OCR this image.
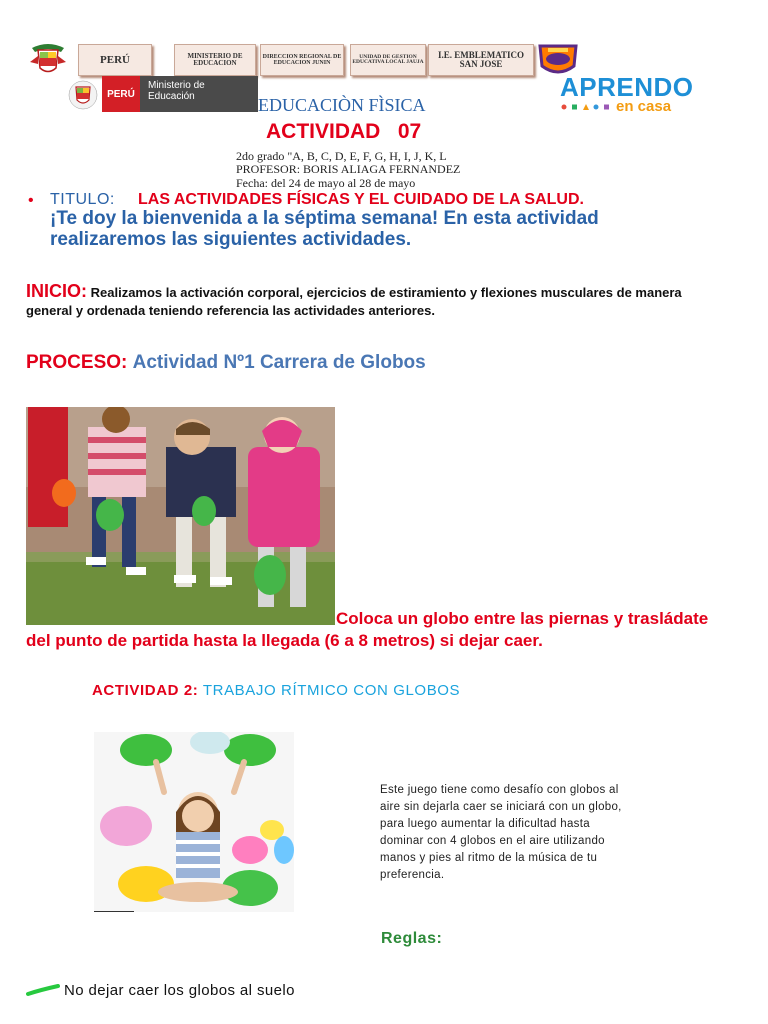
PERÚ	MINISTERIO DE EDUCACION
DIRECCION REGIONAL DE EDUCACION JUNIN
UNIDAD DE GESTION EDUCATIVA LOCAL JAUJA
I.E. EMBLEMATICO SAN JOSE
PERÚ
Ministerio de Educación	APRENDO
en casa
EDUCACIÒN FÌSICA
ACTIVIDAD   07
2do grado "A, B, C, D, E, F, G, H, I, J, K, L
PROFESOR: BORIS ALIAGA FERNANDEZ
Fecha: del 24 de mayo al 28 de mayo
• TITULO: LAS ACTIVIDADES FÍSICAS Y EL CUIDADO DE LA SALUD.
¡Te doy la bienvenida a la séptima semana! En esta actividad realizaremos las siguientes actividades.
INICIO: Realizamos la activación corporal, ejercicios de estiramiento y flexiones musculares de manera general y ordenada teniendo referencia las actividades anteriores.
PROCESO: Actividad Nº1 Carrera de Globos
Coloca un globo entre las piernas y trasládate del punto de partida hasta la llegada (6 a 8 metros) si dejar caer.
ACTIVIDAD 2: TRABAJO RÍTMICO CON GLOBOS
Este juego tiene como desafío con globos al aire sin dejarla caer se iniciará con un globo, para luego aumentar la dificultad hasta dominar con 4 globos en el aire utilizando manos y pies al ritmo de la música de tu preferencia.
Reglas:
No dejar caer los globos al suelo
